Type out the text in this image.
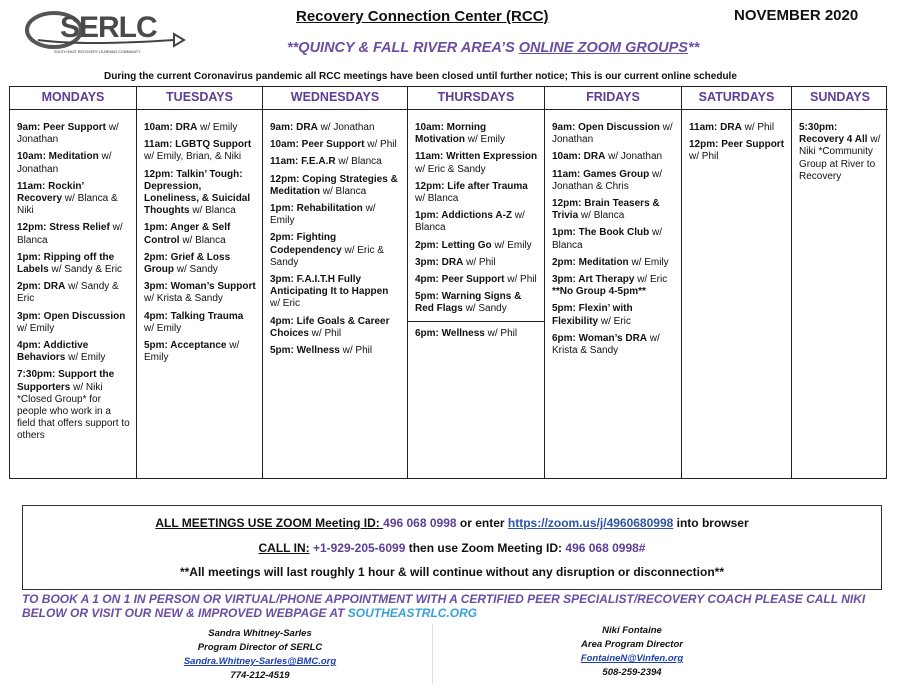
SERLC
SOUTH EAST RECOVERY LEARNING COMMUNITY
Recovery Connection Center (RCC)	NOVEMBER 2020
**QUINCY & FALL RIVER AREA’S ONLINE ZOOM GROUPS**
During the current Coronavirus pandemic all RCC meetings have been closed until further notice; This is our current online schedule
MONDAYS
9am: Peer Support w/ Jonathan
10am: Meditation w/ Jonathan
11am: Rockin’ Recovery w/ Blanca & Niki
12pm: Stress Relief w/ Blanca
1pm: Ripping off the Labels w/ Sandy & Eric
2pm: DRA w/ Sandy & Eric
3pm: Open Discussion w/ Emily
4pm: Addictive Behaviors w/ Emily
7:30pm: Support the Supporters w/ Niki *Closed Group* for people who work in a field that offers support to others
TUESDAYS
10am: DRA w/ Emily
11am: LGBTQ Support w/ Emily, Brian, & Niki
12pm: Talkin’ Tough: Depression, Loneliness, & Suicidal Thoughts w/ Blanca
1pm: Anger & Self Control w/ Blanca
2pm: Grief & Loss Group w/ Sandy
3pm: Woman’s Support w/ Krista & Sandy
4pm: Talking Trauma w/ Emily
5pm: Acceptance w/ Emily
WEDNESDAYS
9am: DRA w/ Jonathan
10am: Peer Support w/ Phil
11am: F.E.A.R w/ Blanca
12pm: Coping Strategies & Meditation w/ Blanca
1pm: Rehabilitation w/ Emily
2pm: Fighting Codependency w/ Eric & Sandy
3pm: F.A.I.T.H Fully Anticipating It to Happen w/ Eric
4pm: Life Goals & Career Choices w/ Phil
5pm: Wellness w/ Phil
THURSDAYS
10am: Morning Motivation w/ Emily
11am: Written Expression w/ Eric & Sandy
12pm: Life after Trauma w/ Blanca
1pm: Addictions A-Z w/ Blanca
2pm: Letting Go w/ Emily
3pm: DRA w/ Phil
4pm: Peer Support w/ Phil
5pm: Warning Signs & Red Flags w/ Sandy
6pm: Wellness w/ Phil
FRIDAYS
9am: Open Discussion w/ Jonathan
10am: DRA w/ Jonathan
11am: Games Group w/ Jonathan & Chris
12pm: Brain Teasers & Trivia w/ Blanca
1pm: The Book Club w/ Blanca
2pm: Meditation w/ Emily
3pm: Art Therapy w/ Eric
**No Group 4-5pm**
5pm: Flexin’ with Flexibility w/ Eric
6pm: Woman’s DRA w/ Krista & Sandy
SATURDAYS
11am: DRA w/ Phil
12pm: Peer Support w/ Phil
SUNDAYS
5:30pm: Recovery 4 All w/ Niki *Community Group at River to Recovery
ALL MEETINGS USE ZOOM Meeting ID: 496 068 0998 or enter https://zoom.us/j/4960680998 into browser
CALL IN: +1-929-205-6099 then use Zoom Meeting ID: 496 068 0998#
**All meetings will last roughly 1 hour & will continue without any disruption or disconnection**
TO BOOK A 1 ON 1 IN PERSON OR VIRTUAL/PHONE APPOINTMENT WITH A CERTIFIED PEER SPECIALIST/RECOVERY COACH PLEASE CALL NIKI BELOW OR VISIT OUR NEW & IMPROVED WEBPAGE AT SOUTHEASTRLC.ORG
Sandra Whitney-Sarles
Program Director of SERLC
Sandra.Whitney-Sarles@BMC.org
774-212-4519
Niki Fontaine
Area Program Director
FontaineN@Vinfen.org
508-259-2394
